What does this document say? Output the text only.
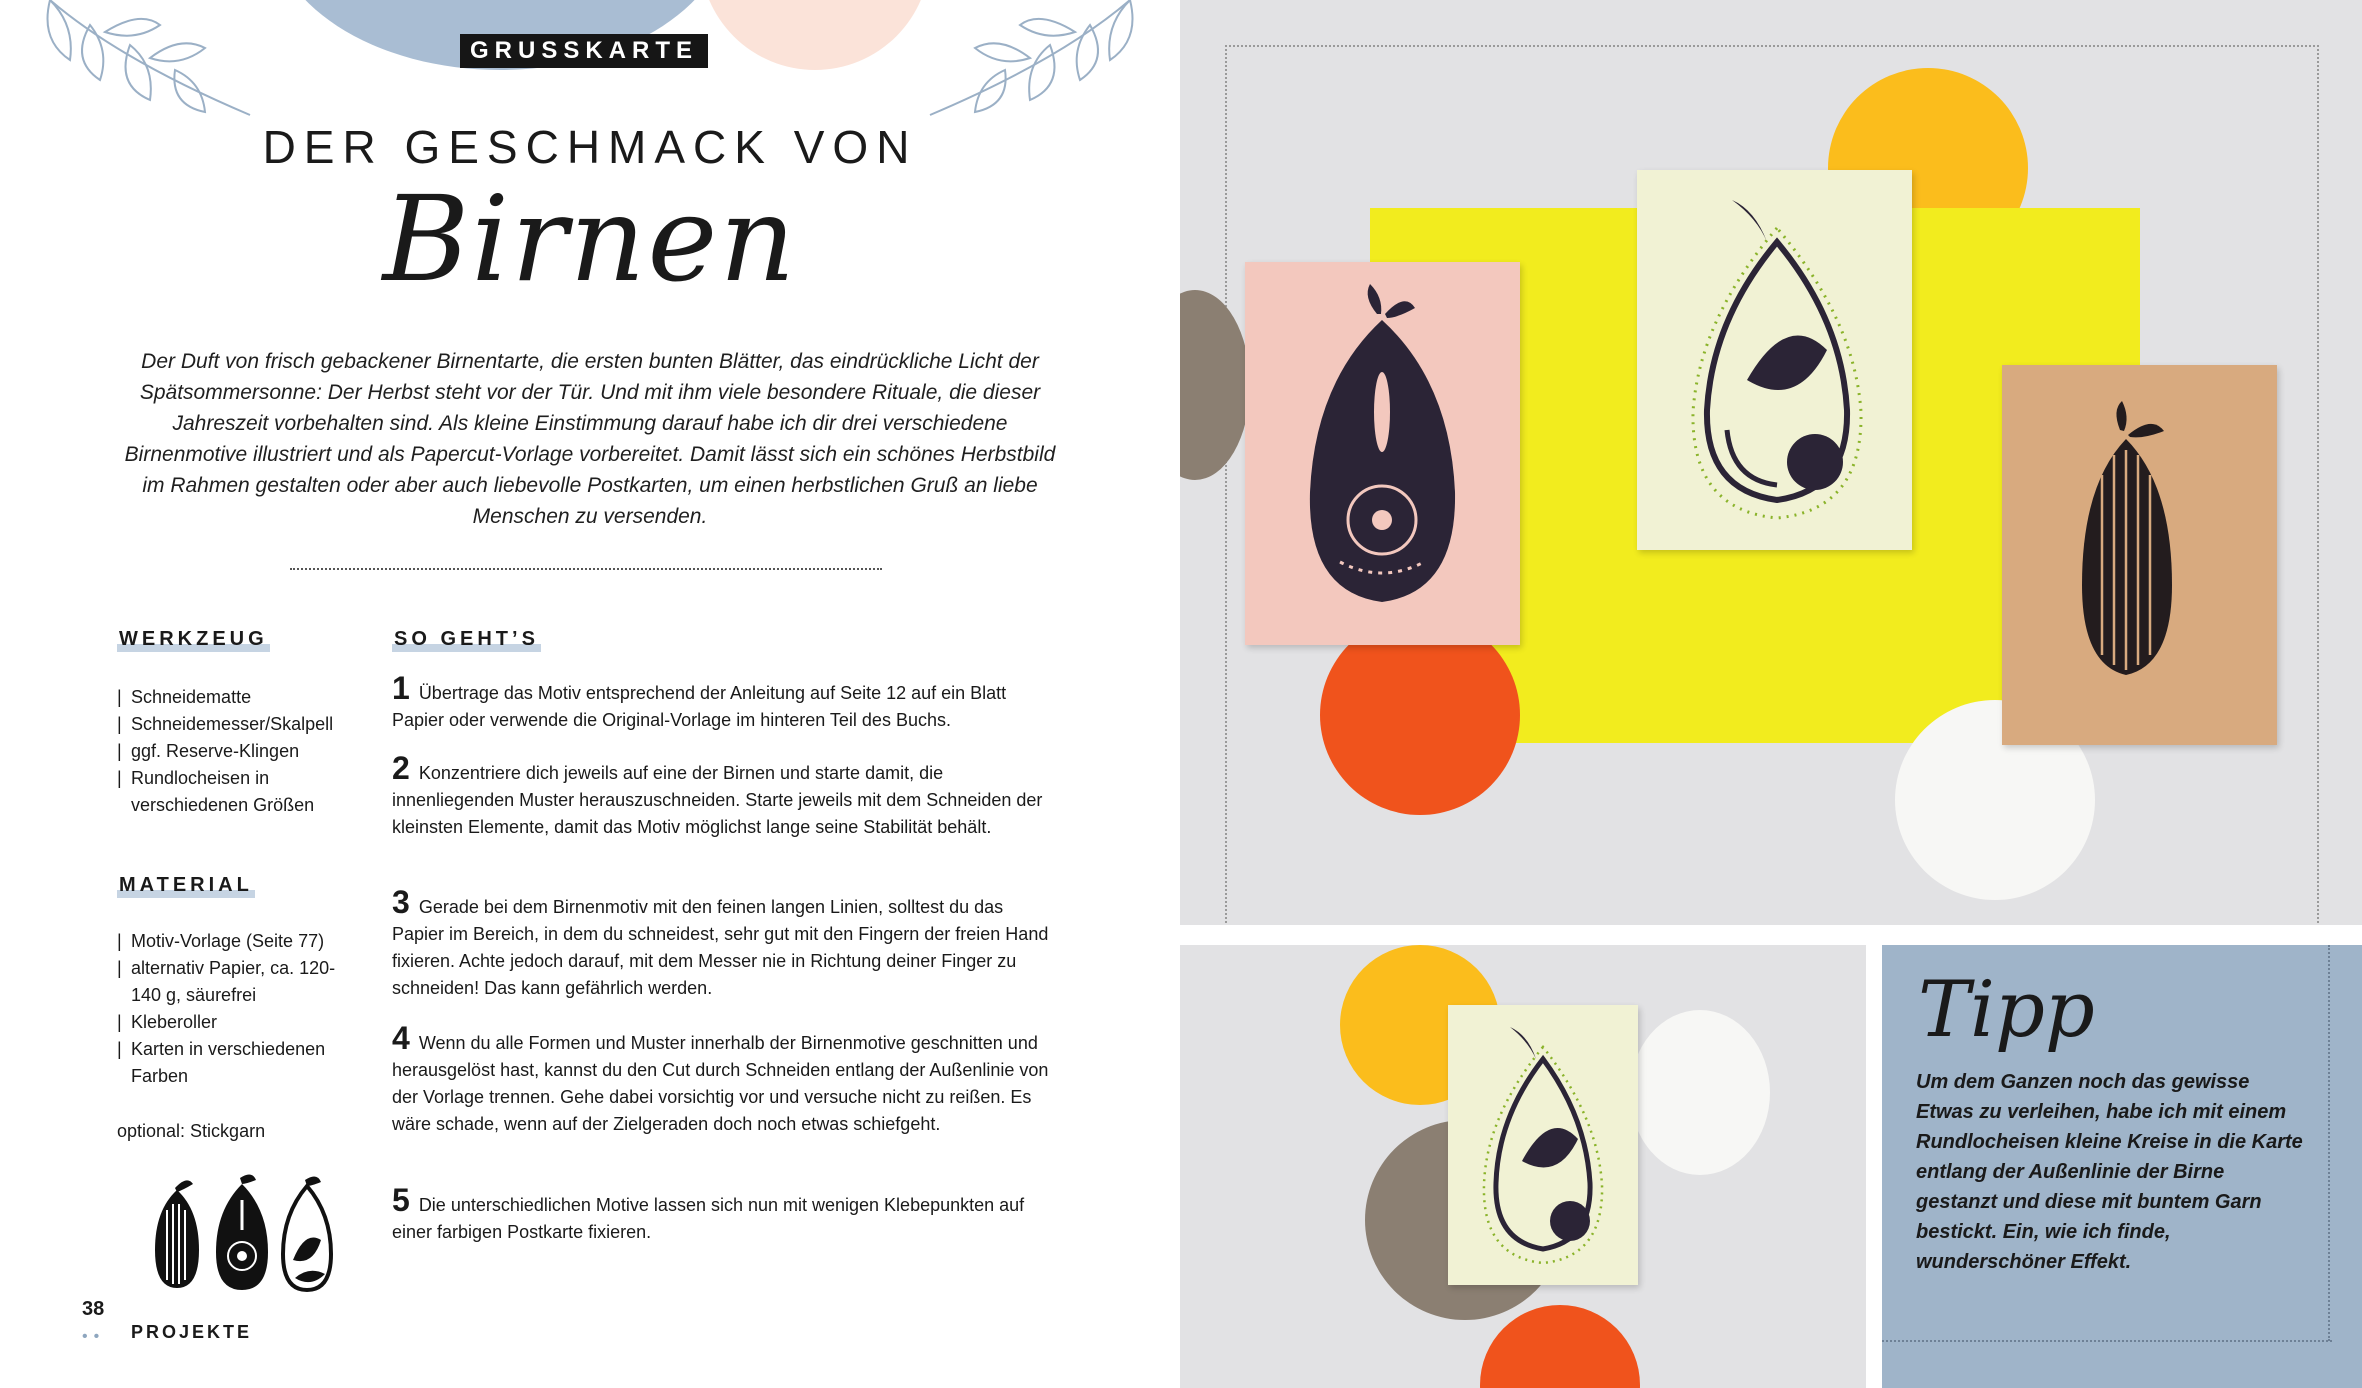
GRUSSKARTE
DER GESCHMACK VON
Birnen
Der Duft von frisch gebackener Birnentarte, die ersten bunten Blätter, das eindrückliche Licht der Spätsommersonne: Der Herbst steht vor der Tür. Und mit ihm viele besondere Rituale, die dieser Jahreszeit vorbehalten sind. Als kleine Einstimmung darauf habe ich dir drei verschiedene Birnenmotive illustriert und als Papercut-Vorlage vorbereitet. Damit lässt sich ein schönes Herbstbild im Rahmen gestalten oder aber auch liebevolle Postkarten, um einen herbstlichen Gruß an liebe Menschen zu versenden.
WERKZEUG
| Schneidematte
| Schneidemesser/Skalpell
| ggf. Reserve-Klingen
| Rundlocheisen in verschiedenen Größen
MATERIAL
| Motiv-Vorlage (Seite 77)
| alternativ Papier, ca. 120-140 g, säurefrei
| Kleberoller
| Karten in verschiedenen Farben
optional: Stickgarn
SO GEHT’S
1 Übertrage das Motiv entsprechend der Anleitung auf Seite 12 auf ein Blatt Papier oder verwende die Original-Vorlage im hinteren Teil des Buchs.
2 Konzentriere dich jeweils auf eine der Birnen und starte damit, die innenliegenden Muster herauszuschneiden. Starte jeweils mit dem Schneiden der kleinsten Elemente, damit das Motiv möglichst lange seine Stabilität behält.
3 Gerade bei dem Birnenmotiv mit den feinen langen Linien, solltest du das Papier im Bereich, in dem du schneidest, sehr gut mit den Fingern der freien Hand fixieren. Achte jedoch darauf, mit dem Messer nie in Richtung deiner Finger zu schneiden! Das kann gefährlich werden.
4 Wenn du alle Formen und Muster innerhalb der Birnenmotive geschnitten und herausgelöst hast, kannst du den Cut durch Schneiden entlang der Außenlinie von der Vorlage trennen. Gehe dabei vorsichtig vor und versuche nicht zu reißen. Es wäre schade, wenn auf der Zielgeraden doch noch etwas schiefgeht.
5 Die unterschiedlichen Motive lassen sich nun mit wenigen Klebepunkten auf einer farbigen Postkarte fixieren.
38
•• PROJEKTE
Tipp
Um dem Ganzen noch das gewisse Etwas zu verleihen, habe ich mit einem Rundlocheisen kleine Kreise in die Karte entlang der Außenlinie der Birne gestanzt und diese mit buntem Garn bestickt. Ein, wie ich finde, wunderschöner Effekt.
